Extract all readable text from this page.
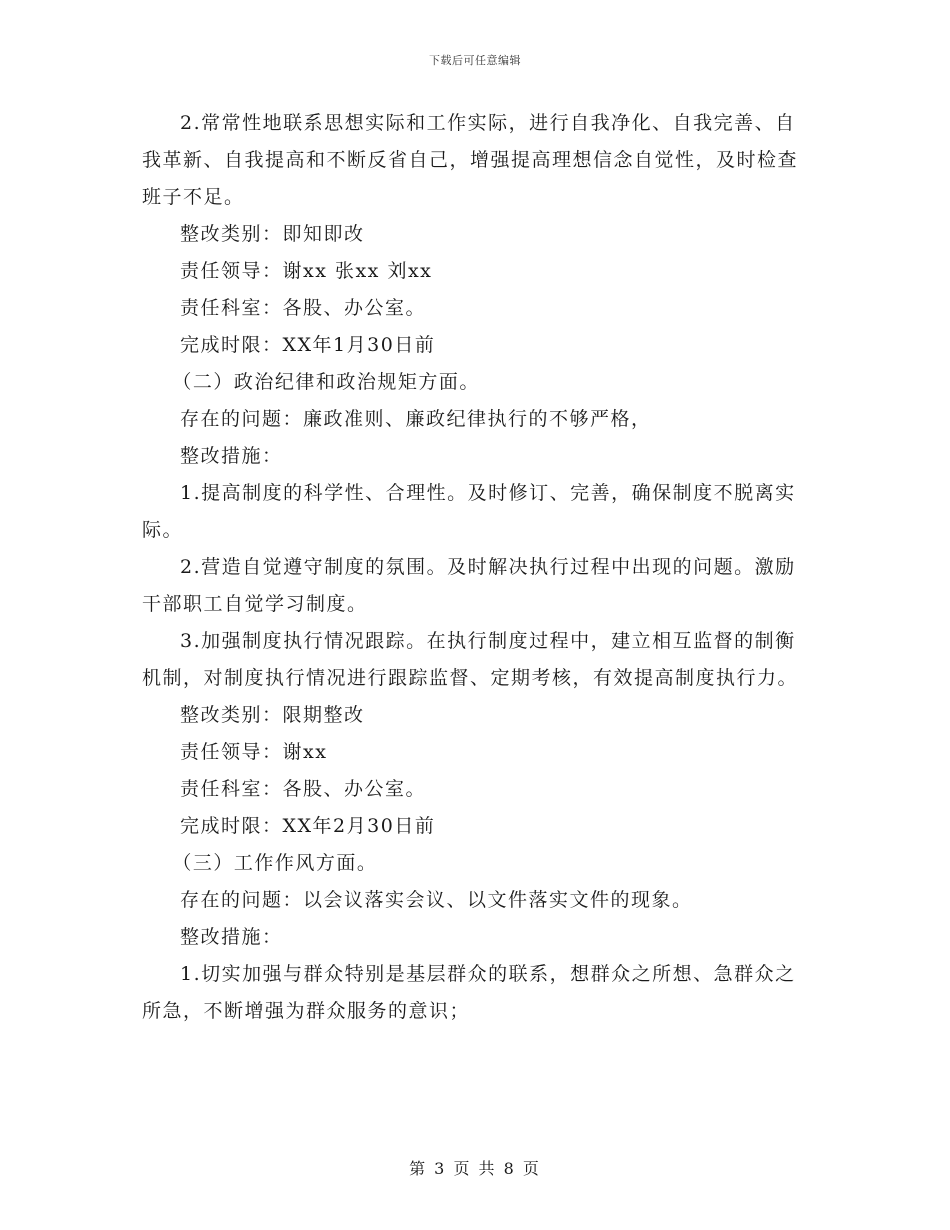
下载后可任意编辑

2.常常性地联系思想实际和工作实际，进行自我净化、自我完善、自我革新、自我提高和不断反省自己，增强提高理想信念自觉性，及时检查班子不足。

整改类别：即知即改

责任领导：谢xx 张xx 刘xx

责任科室：各股、办公室。

完成时限：XX年1月30日前

（二）政治纪律和政治规矩方面。

存在的问题：廉政准则、廉政纪律执行的不够严格，

整改措施：

1.提高制度的科学性、合理性。及时修订、完善，确保制度不脱离实际。

2.营造自觉遵守制度的氛围。及时解决执行过程中出现的问题。激励干部职工自觉学习制度。

3.加强制度执行情况跟踪。在执行制度过程中，建立相互监督的制衡机制，对制度执行情况进行跟踪监督、定期考核，有效提高制度执行力。

整改类别：限期整改

责任领导：谢xx

责任科室：各股、办公室。

完成时限：XX年2月30日前

（三）工作作风方面。

存在的问题：以会议落实会议、以文件落实文件的现象。

整改措施：

1.切实加强与群众特别是基层群众的联系，想群众之所想、急群众之所急，不断增强为群众服务的意识；

第 3 页 共 8 页
